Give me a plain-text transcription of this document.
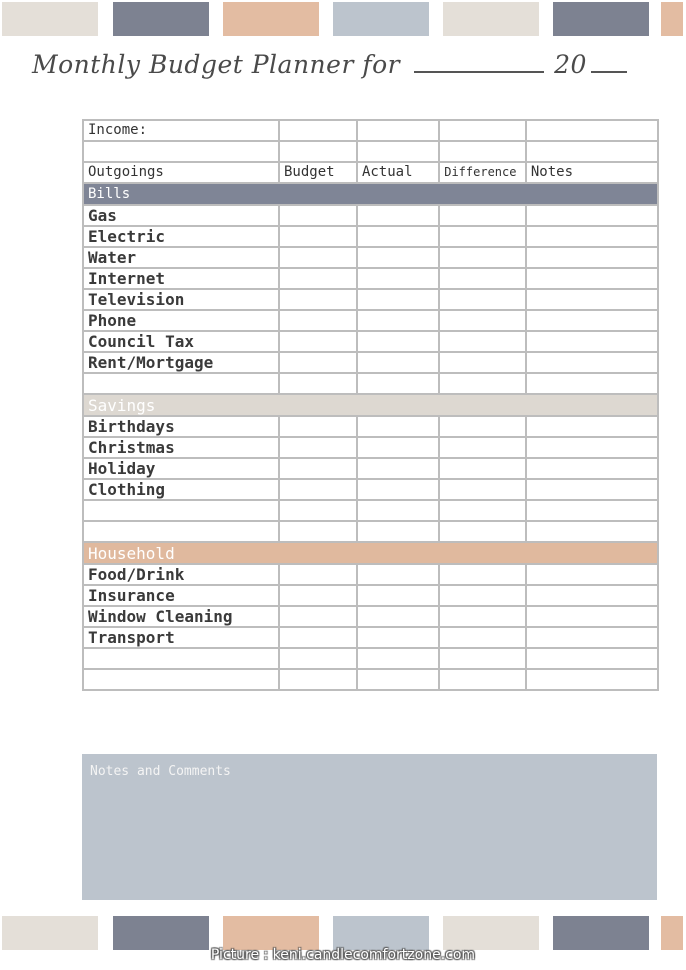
Monthly Budget Planner for	20
Income:				

Outgoings	Budget	Actual	Difference	Notes
Bills				
Gas				
Electric				
Water				
Internet				
Television				
Phone				
Council Tax				
Rent/Mortgage				

Savings				
Birthdays				
Christmas				
Holiday				
Clothing				

Household				
Food/Drink				
Insurance				
Window Cleaning				
Transport				

Notes and Comments
Picture : keni.candlecomfortzone.com
